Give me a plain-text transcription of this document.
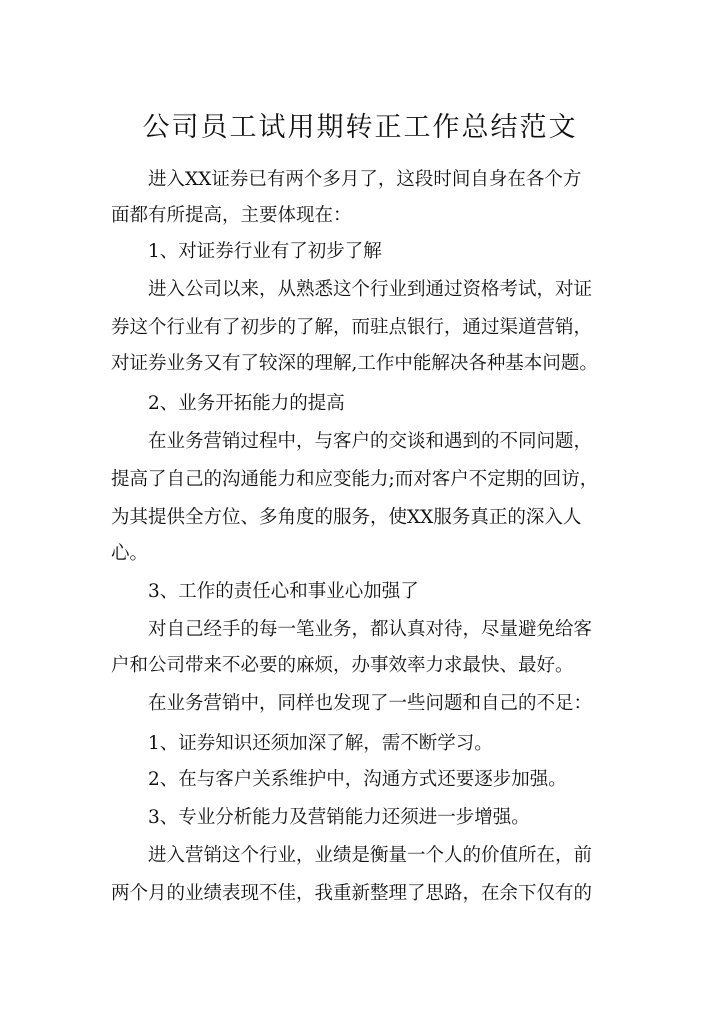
公司员工试用期转正工作总结范文
进入XX证券已有两个多月了，这段时间自身在各个方
面都有所提高，主要体现在：
1、对证券行业有了初步了解
进入公司以来，从熟悉这个行业到通过资格考试，对证
券这个行业有了初步的了解，而驻点银行，通过渠道营销，
对证券业务又有了较深的理解,工作中能解决各种基本问题。
2、业务开拓能力的提高
在业务营销过程中，与客户的交谈和遇到的不同问题，
提高了自己的沟通能力和应变能力;而对客户不定期的回访，
为其提供全方位、多角度的服务，使XX服务真正的深入人
心。
3、工作的责任心和事业心加强了
对自己经手的每一笔业务，都认真对待，尽量避免给客
户和公司带来不必要的麻烦，办事效率力求最快、最好。
在业务营销中，同样也发现了一些问题和自己的不足：
1、证券知识还须加深了解，需不断学习。
2、在与客户关系维护中，沟通方式还要逐步加强。
3、专业分析能力及营销能力还须进一步增强。
进入营销这个行业，业绩是衡量一个人的价值所在，前
两个月的业绩表现不佳，我重新整理了思路，在余下仅有的
